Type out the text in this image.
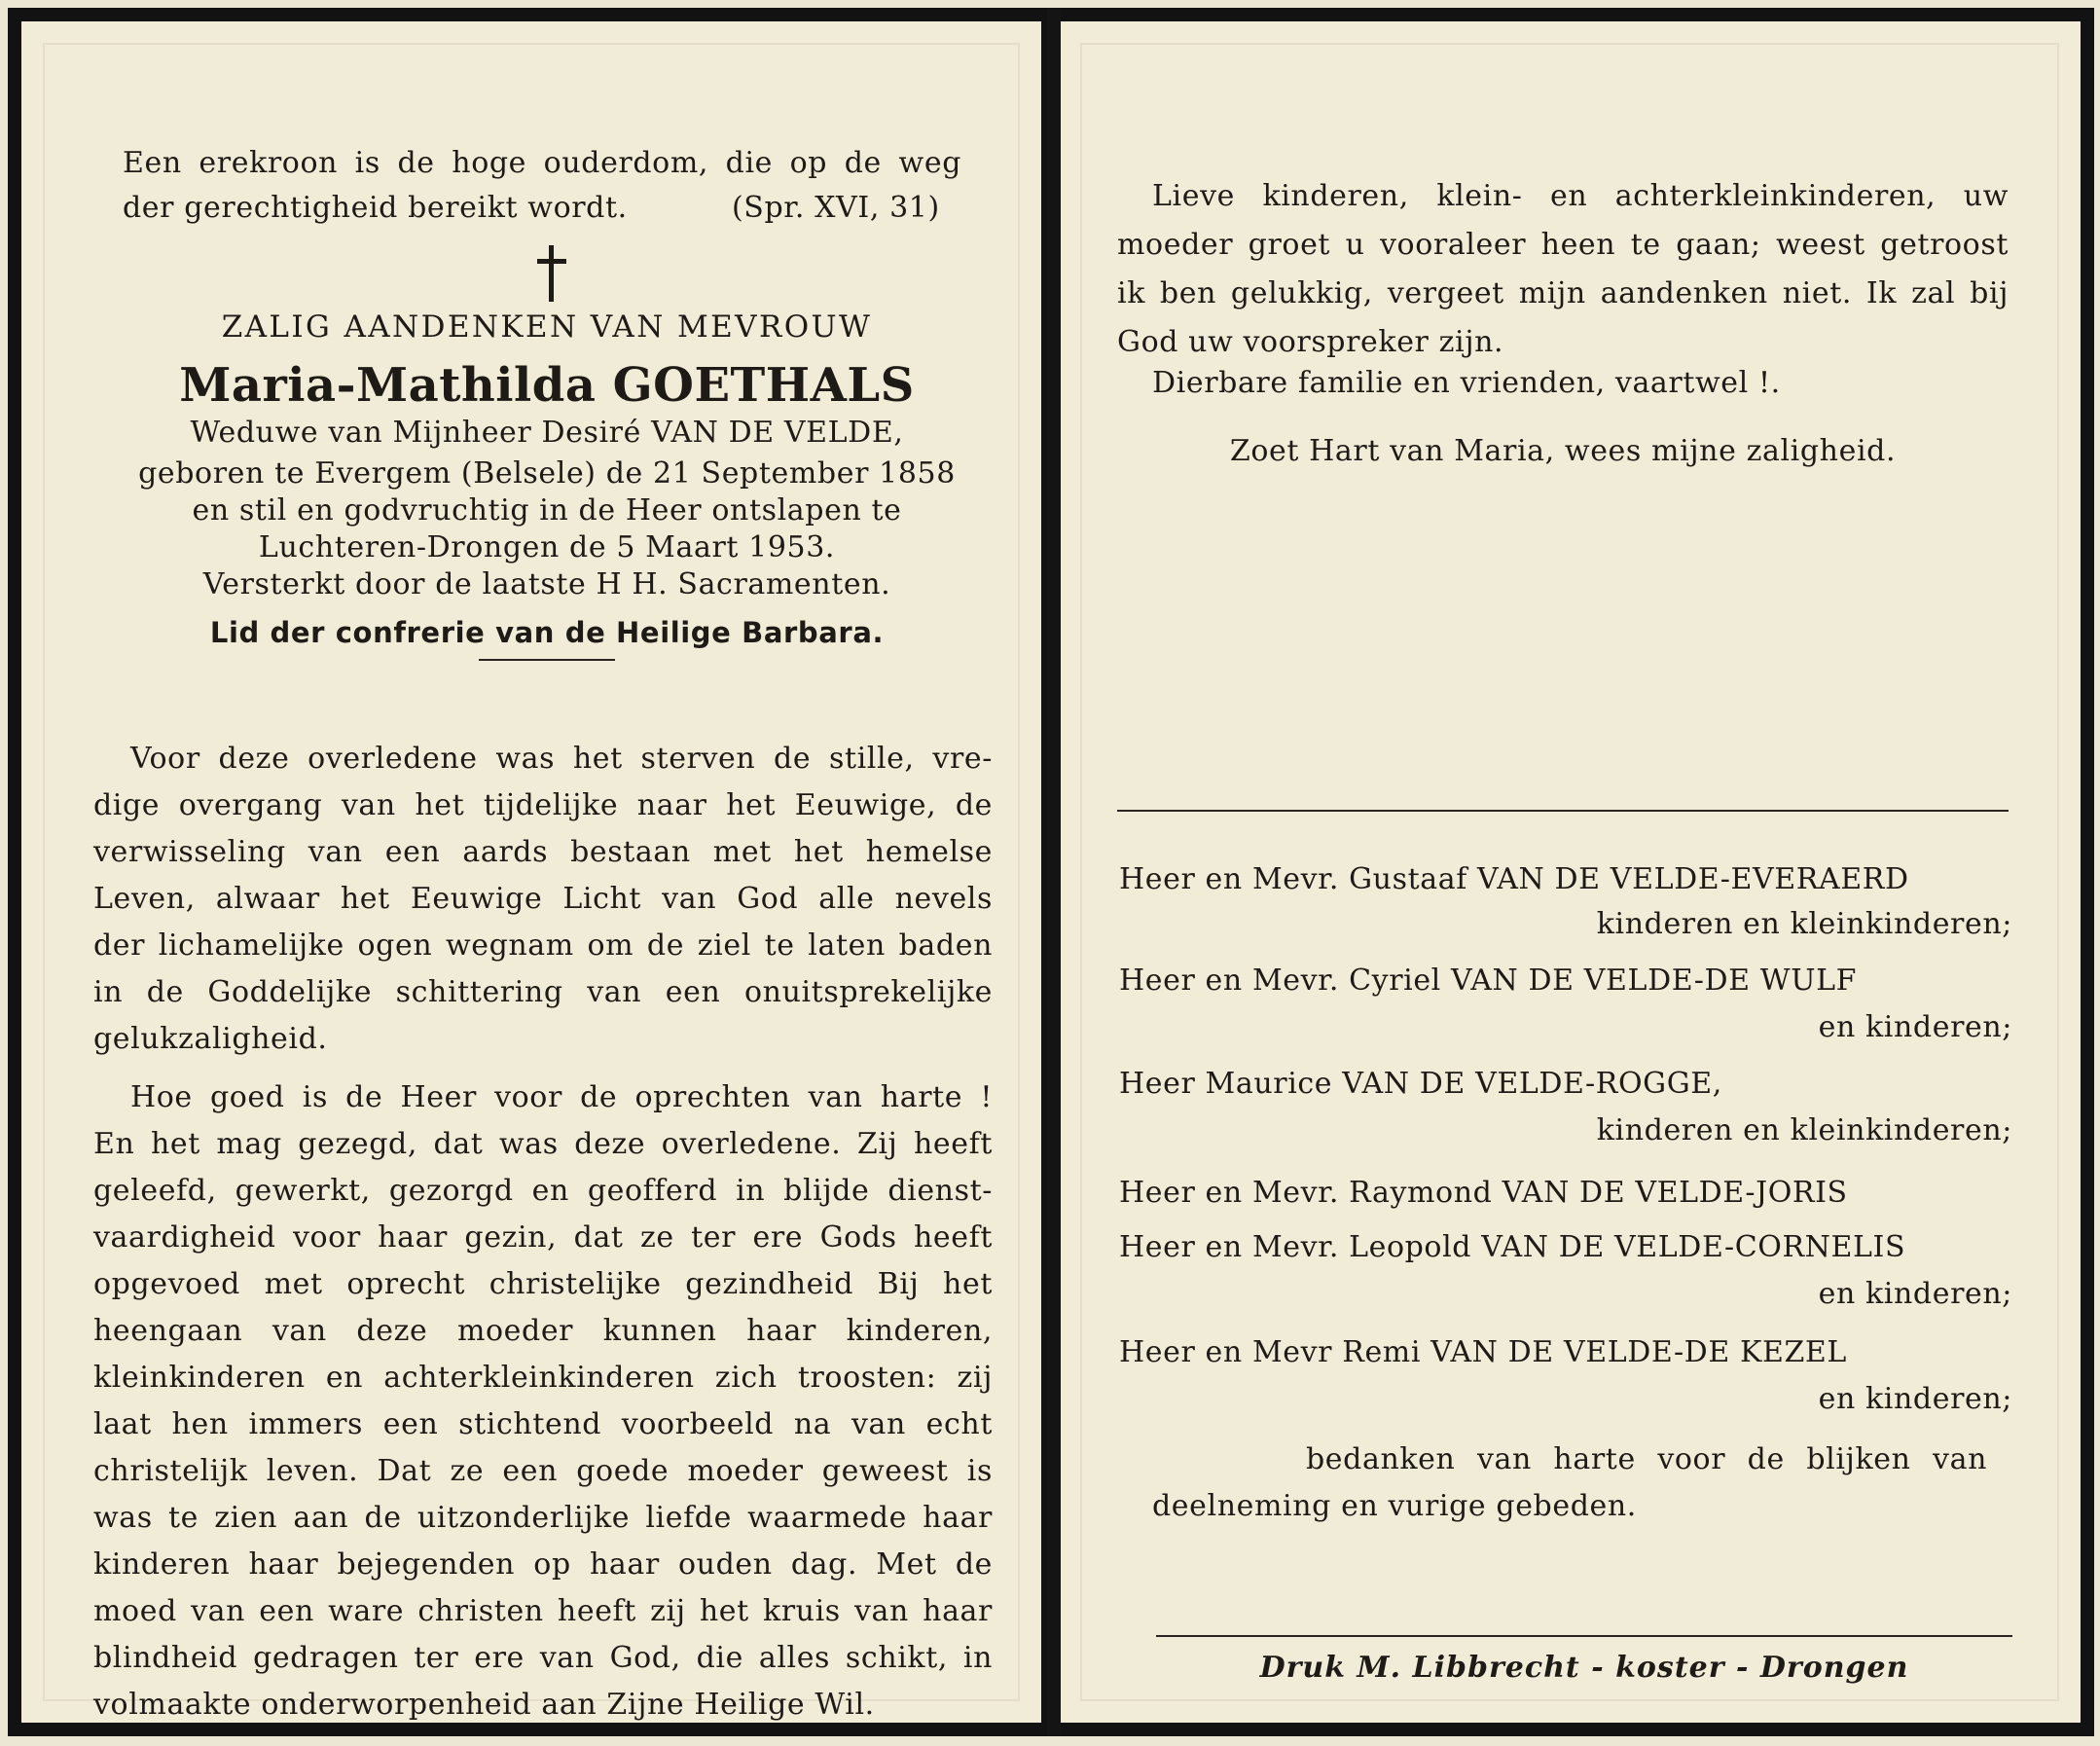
Een erekroon is de hoge ouderdom, die op de weg
der gerechtigheid bereikt wordt.	(Spr. XVI, 31)
ZALIG AANDENKEN VAN MEVROUW
Maria-Mathilda GOETHALS
Weduwe van Mijnheer Desiré VAN DE VELDE,
geboren te Evergem (Belsele) de 21 September 1858
en stil en godvruchtig in de Heer ontslapen te
Luchteren-Drongen de 5 Maart 1953.
Versterkt door de laatste H H. Sacramenten.
Lid der confrerie van de Heilige Barbara.
Voor deze overledene was het sterven de stille, vre-
dige overgang van het tijdelijke naar het Eeuwige, de
verwisseling van een aards bestaan met het hemelse
Leven, alwaar het Eeuwige Licht van God alle nevels
der lichamelijke ogen wegnam om de ziel te laten baden
in de Goddelijke schittering van een onuitsprekelijke
gelukzaligheid.
Hoe goed is de Heer voor de oprechten van harte !
En het mag gezegd, dat was deze overledene. Zij heeft
geleefd, gewerkt, gezorgd en geofferd in blijde dienst-
vaardigheid voor haar gezin, dat ze ter ere Gods heeft
opgevoed met oprecht christelijke gezindheid Bij het
heengaan van deze moeder kunnen haar kinderen,
kleinkinderen en achterkleinkinderen zich troosten: zij
laat hen immers een stichtend voorbeeld na van echt
christelijk leven. Dat ze een goede moeder geweest is
was te zien aan de uitzonderlijke liefde waarmede haar
kinderen haar bejegenden op haar ouden dag. Met de
moed van een ware christen heeft zij het kruis van haar
blindheid gedragen ter ere van God, die alles schikt, in
volmaakte onderworpenheid aan Zijne Heilige Wil.
Lieve kinderen, klein- en achterkleinkinderen, uw
moeder groet u vooraleer heen te gaan; weest getroost
ik ben gelukkig, vergeet mijn aandenken niet. Ik zal bij
God uw voorspreker zijn.
Dierbare familie en vrienden, vaartwel !.
Zoet Hart van Maria, wees mijne zaligheid.
Heer en Mevr. Gustaaf VAN DE VELDE-EVERAERD
kinderen en kleinkinderen;
Heer en Mevr. Cyriel VAN DE VELDE-DE WULF
en kinderen;
Heer Maurice VAN DE VELDE-ROGGE,
kinderen en kleinkinderen;
Heer en Mevr. Raymond VAN DE VELDE-JORIS
Heer en Mevr. Leopold VAN DE VELDE-CORNELIS
en kinderen;
Heer en Mevr Remi VAN DE VELDE-DE KEZEL
en kinderen;
bedanken van harte voor de blijken van
deelneming en vurige gebeden.
Druk M. Libbrecht - koster - Drongen
